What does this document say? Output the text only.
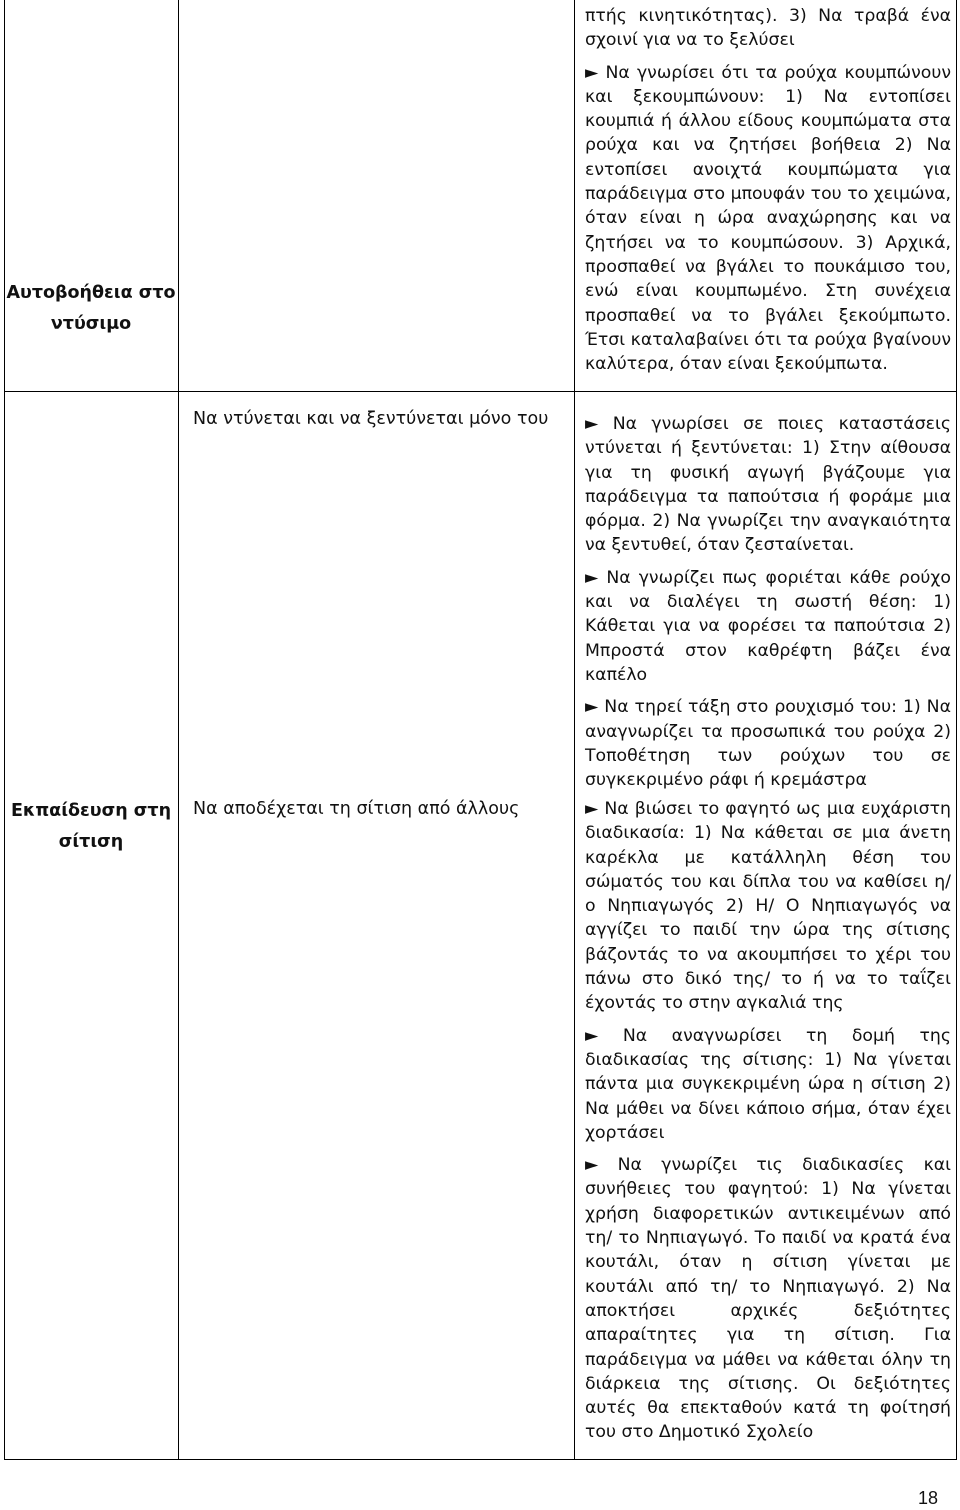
Αυτοβοήθεια στο ντύσιμο

πτής κινητικότητας). 3) Να τραβά ένα σχοινί για να το ξελύσει

► Να γνωρίσει ότι τα ρούχα κουμπώνουν και ξεκουμπώνουν: 1) Να εντοπίσει κουμπιά ή άλλου είδους κουμπώματα στα ρούχα και να ζητήσει βοήθεια 2) Να εντοπίσει ανοιχτά κουμπώματα για παράδειγμα στο μπουφάν του το χειμώνα, όταν είναι η ώρα αναχώρησης και να ζητήσει να το κουμπώσουν. 3) Αρχικά, προσπαθεί να βγάλει το πουκάμισο του, ενώ είναι κουμπωμένο. Στη συνέχεια προσπαθεί να το βγάλει ξεκούμπωτο. Έτσι καταλαβαίνει ότι τα ρούχα βγαίνουν καλύτερα, όταν είναι ξεκούμπωτα.

Να ντύνεται και να ξεντύνεται μόνο του	► Να γνωρίσει σε ποιες καταστάσεις ντύνεται ή ξεντύνεται: 1) Στην αίθουσα για τη φυσική αγωγή βγάζουμε για παράδειγμα τα παπούτσια ή φοράμε μια φόρμα. 2) Να γνωρίζει την αναγκαιότητα να ξεντυθεί, όταν ζεσταίνεται.

► Να γνωρίζει πως φοριέται κάθε ρούχο και να διαλέγει τη σωστή θέση: 1) Κάθεται για να φορέσει τα παπούτσια 2) Μπροστά στον καθρέφτη βάζει ένα καπέλο

► Να τηρεί τάξη στο ρουχισμό του: 1) Να αναγνωρίζει τα προσωπικά του ρούχα 2) Τοποθέτηση των ρούχων του σε συγκεκριμένο ράφι ή κρεμάστρα

Εκπαίδευση στη σίτιση
Να αποδέχεται τη σίτιση από άλλους	► Να βιώσει το φαγητό ως μια ευχάριστη διαδικασία: 1) Να κάθεται σε μια άνετη καρέκλα με κατάλληλη θέση του σώματός του και δίπλα του να καθίσει η/ ο Νηπιαγωγός 2) Η/ Ο Νηπιαγωγός να αγγίζει το παιδί την ώρα της σίτισης βάζοντάς το να ακουμπήσει το χέρι του πάνω στο δικό της/ το ή να το ταΐζει έχοντάς το στην αγκαλιά της

► Να αναγνωρίσει τη δομή της διαδικασίας της σίτισης: 1) Να γίνεται πάντα μια συγκεκριμένη ώρα η σίτιση 2) Να μάθει να δίνει κάποιο σήμα, όταν έχει χορτάσει

► Να γνωρίζει τις διαδικασίες και συνήθειες του φαγητού: 1) Να γίνεται χρήση διαφορετικών αντικειμένων από τη/ το Νηπιαγωγό. Το παιδί να κρατά ένα κουτάλι, όταν η σίτιση γίνεται με κουτάλι από τη/ το Νηπιαγωγό. 2) Να αποκτήσει αρχικές δεξιότητες απαραίτητες για τη σίτιση. Για παράδειγμα να μάθει να κάθεται όλην τη διάρκεια της σίτισης. Οι δεξιότητες αυτές θα επεκταθούν κατά τη φοίτησή του στο Δημοτικό Σχολείο

18
